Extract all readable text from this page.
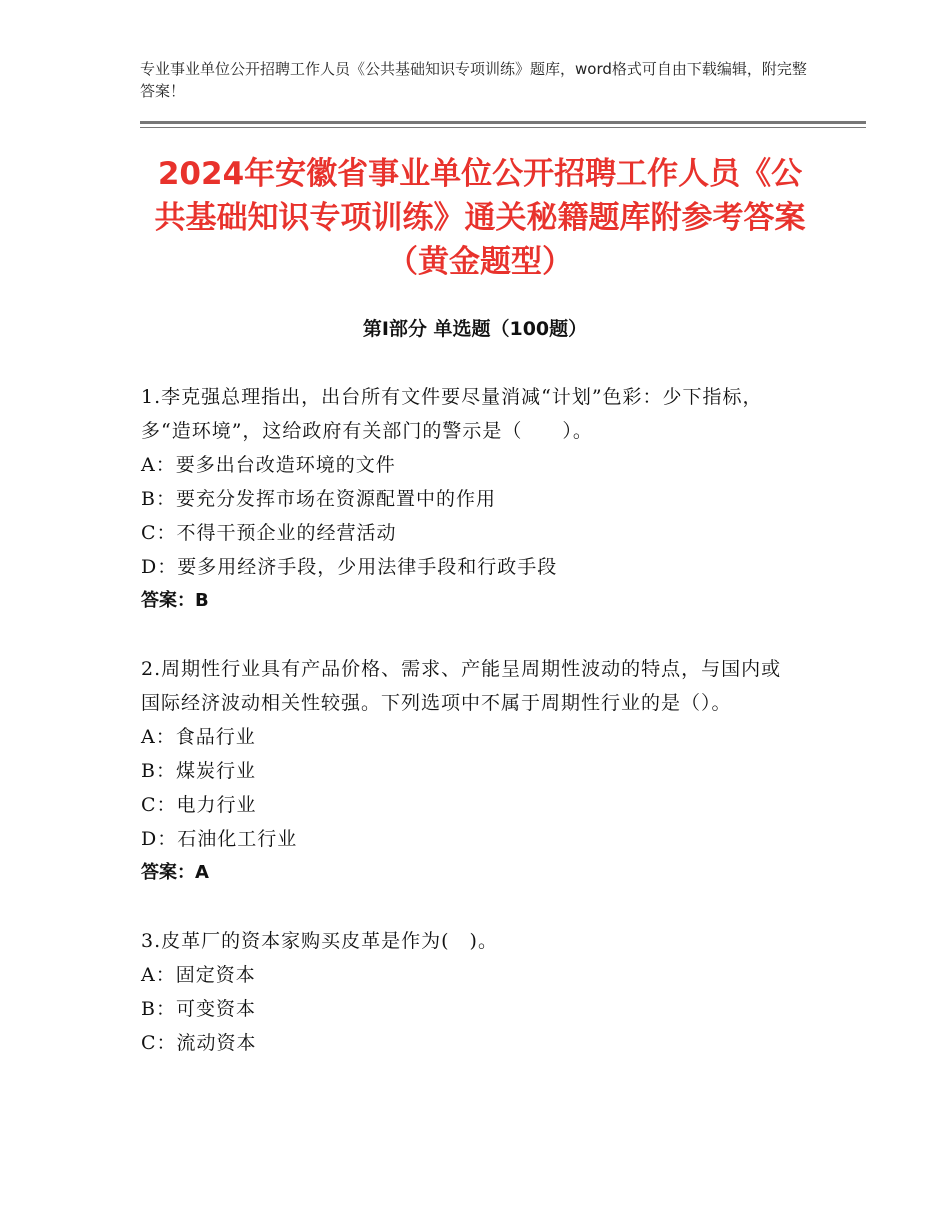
专业事业单位公开招聘工作人员《公共基础知识专项训练》题库，word格式可自由下载编辑，附完整答案！
2024年安徽省事业单位公开招聘工作人员《公共基础知识专项训练》通关秘籍题库附参考答案（黄金题型）
第Ⅰ部分 单选题（100题）

1.李克强总理指出，出台所有文件要尽量消减“计划”色彩：少下指标，多“造环境”，这给政府有关部门的警示是（　　）。

A：要多出台改造环境的文件

B：要充分发挥市场在资源配置中的作用

C：不得干预企业的经营活动

D：要多用经济手段，少用法律手段和行政手段

答案：B

2.周期性行业具有产品价格、需求、产能呈周期性波动的特点，与国内或国际经济波动相关性较强。下列选项中不属于周期性行业的是（）。

A：食品行业

B：煤炭行业

C：电力行业

D：石油化工行业

答案：A

3.皮革厂的资本家购买皮革是作为(　)。

A：固定资本

B：可变资本

C：流动资本
